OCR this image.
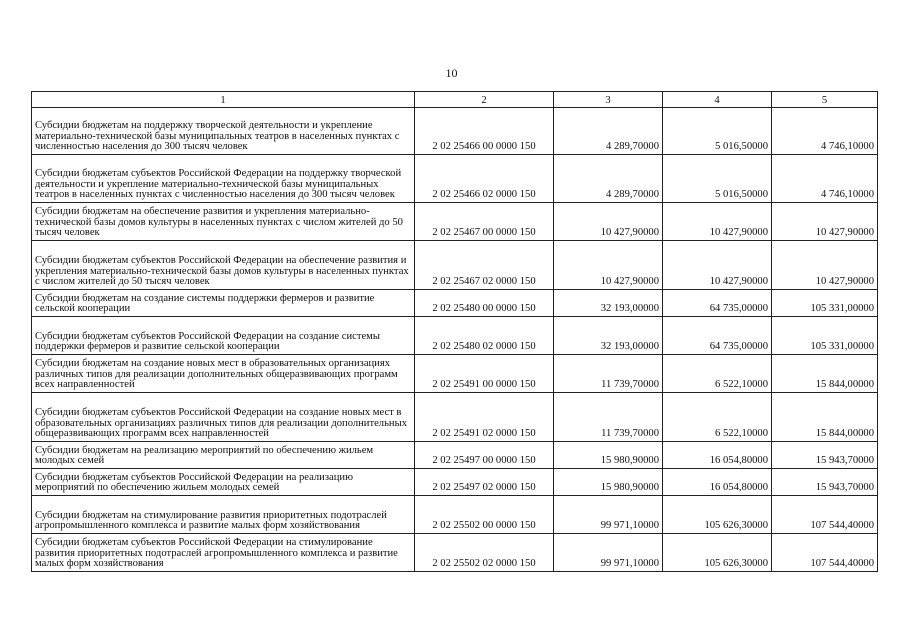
10
1	2	3	4	5
Субсидии бюджетам на поддержку творческой деятельности и укрепление материально-технической базы муниципальных театров в населенных пунктах с численностью населения до 300 тысяч человек	2 02 25466 00 0000 150	4 289,70000	5 016,50000	4 746,10000
Субсидии бюджетам субъектов Российской Федерации на поддержку творческой деятельности и укрепление материально-технической базы муниципальных театров в населенных пунктах с численностью населения до 300 тысяч человек	2 02 25466 02 0000 150	4 289,70000	5 016,50000	4 746,10000
Субсидии бюджетам на обеспечение развития и укрепления материально-технической базы домов культуры в населенных пунктах с числом жителей до 50 тысяч человек	2 02 25467 00 0000 150	10 427,90000	10 427,90000	10 427,90000
Субсидии бюджетам субъектов Российской Федерации на обеспечение развития и укрепления материально-технической базы домов культуры в населенных пунктах с числом жителей до 50 тысяч человек	2 02 25467 02 0000 150	10 427,90000	10 427,90000	10 427,90000
Субсидии бюджетам на создание системы поддержки фермеров и развитие сельской кооперации	2 02 25480 00 0000 150	32 193,00000	64 735,00000	105 331,00000
Субсидии бюджетам субъектов Российской Федерации на создание системы поддержки фермеров и развитие сельской кооперации	2 02 25480 02 0000 150	32 193,00000	64 735,00000	105 331,00000
Субсидии бюджетам на создание новых мест в образовательных организациях различных типов для реализации дополнительных общеразвивающих программ всех направленностей	2 02 25491 00 0000 150	11 739,70000	6 522,10000	15 844,00000
Субсидии бюджетам субъектов Российской Федерации на создание новых мест в образовательных организациях различных типов для реализации дополнительных общеразвивающих программ всех направленностей	2 02 25491 02 0000 150	11 739,70000	6 522,10000	15 844,00000
Субсидии бюджетам на реализацию мероприятий по обеспечению жильем молодых семей	2 02 25497 00 0000 150	15 980,90000	16 054,80000	15 943,70000
Субсидии бюджетам субъектов Российской Федерации на реализацию мероприятий по обеспечению жильем молодых семей	2 02 25497 02 0000 150	15 980,90000	16 054,80000	15 943,70000
Субсидии бюджетам на стимулирование развития приоритетных подотраслей агропромышленного комплекса и развитие малых форм хозяйствования	2 02 25502 00 0000 150	99 971,10000	105 626,30000	107 544,40000
Субсидии бюджетам субъектов Российской Федерации на стимулирование развития приоритетных подотраслей агропромышленного комплекса и развитие малых форм хозяйствования	2 02 25502 02 0000 150	99 971,10000	105 626,30000	107 544,40000
